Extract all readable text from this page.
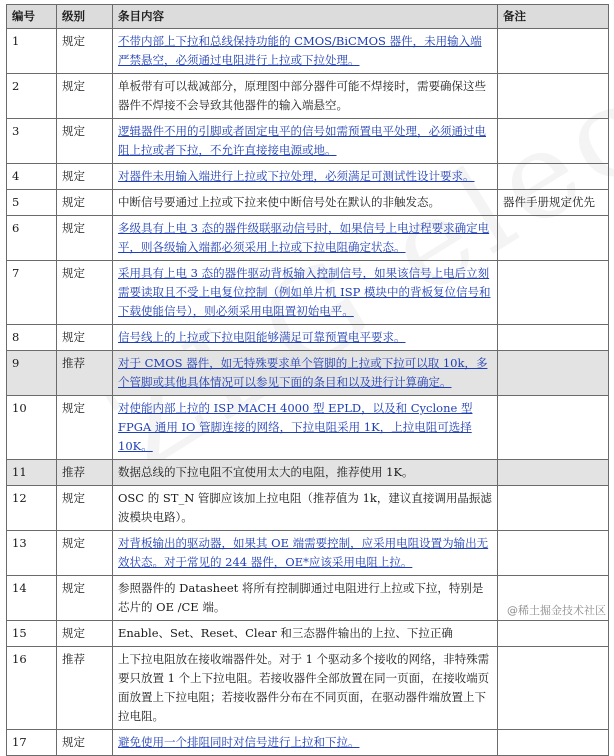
编号	级别	条目内容	备注
1	规定	不带内部上下拉和总线保持功能的 CMOS/BiCMOS 器件，未用输入端严禁悬空，必须通过电阻进行上拉或下拉处理。	
2	规定	单板带有可以裁减部分，原理图中部分器件可能不焊接时，需要确保这些器件不焊接不会导致其他器件的输入端悬空。	
3	规定	逻辑器件不用的引脚或者固定电平的信号如需预置电平处理，必须通过电阻上拉或者下拉，不允许直接接电源或地。	
4	规定	对器件未用输入端进行上拉或下拉处理，必须满足可测试性设计要求。	
5	规定	中断信号要通过上拉或下拉来使中断信号处在默认的非触发态。	器件手册规定优先
6	规定	多级具有上电 3 态的器件级联驱动信号时，如果信号上电过程要求确定电平，则各级输入端都必须采用上拉或下拉电阻确定状态。	
7	规定	采用具有上电 3 态的器件驱动背板输入控制信号，如果该信号上电后立刻需要读取且不受上电复位控制（例如单片机 ISP 模块中的背板复位信号和下载使能信号），则必须采用电阻置初始电平。	
8	规定	信号线上的上拉或下拉电阻能够满足可靠预置电平要求。	
9	推荐	对于 CMOS 器件，如无特殊要求单个管脚的上拉或下拉可以取 10k，多个管脚或其他具体情况可以参见下面的条目和以及进行计算确定。	
10	规定	对使能内部上拉的 ISP MACH 4000 型 EPLD，以及和 Cyclone 型 FPGA 通用 IO 管脚连接的网络，下拉电阻采用 1K，上拉电阻可选择 10K。	
11	推荐	数据总线的下拉电阻不宜使用太大的电阻，推荐使用 1K。	
12	规定	OSC 的 ST_N 管脚应该加上拉电阻（推荐值为 1k，建议直接调用晶振滤波模块电路）。	
13	规定	对背板输出的驱动器，如果其 OE 端需要控制，应采用电阻设置为输出无效状态。对于常见的 244 器件，OE*应该采用电阻上拉。	
14	规定	参照器件的 Datasheet 将所有控制脚通过电阻进行上拉或下拉，特别是芯片的 OE /CE 端。	
15	规定	Enable、Set、Reset、Clear 和三态器件输出的上拉、下拉正确	
16	推荐	上下拉电阻放在接收端器件处。对于 1 个驱动多个接收的网络，非特殊需要只放置 1 个上下拉电阻。若接收器件全部放置在同一页面，在接收端页面放置上下拉电阻；若接收器件分布在不同页面，在驱动器件端放置上下拉电阻。	
17	规定	避免使用一个排阻同时对信号进行上拉和下拉。	
@稀土掘金技术社区
